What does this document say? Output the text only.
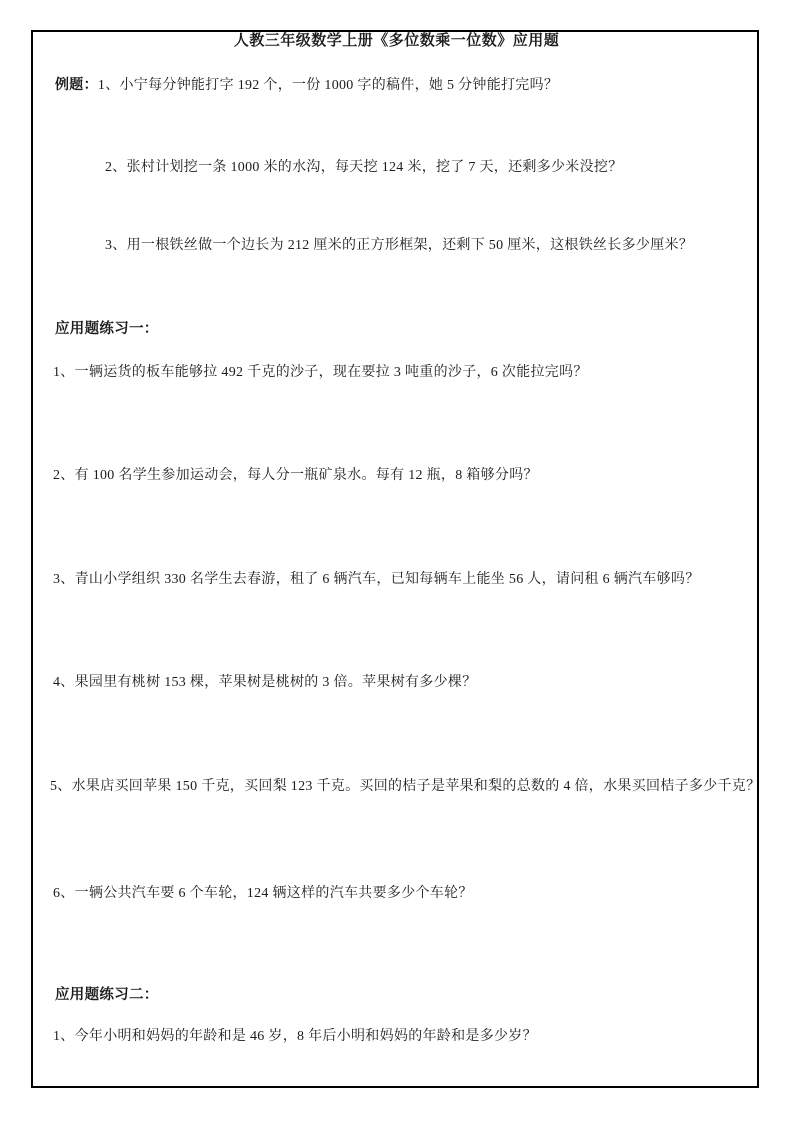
人教三年级数学上册《多位数乘一位数》应用题
例题：1、小宁每分钟能打字 192 个，一份 1000 字的稿件，她 5 分钟能打完吗？
2、张村计划挖一条 1000 米的水沟，每天挖 124 米，挖了 7 天，还剩多少米没挖？
3、用一根铁丝做一个边长为 212 厘米的正方形框架，还剩下 50 厘米，这根铁丝长多少厘米？
应用题练习一：
1、一辆运货的板车能够拉 492 千克的沙子，现在要拉 3 吨重的沙子，6 次能拉完吗？
2、有 100 名学生参加运动会，每人分一瓶矿泉水。每有 12 瓶，8 箱够分吗？
3、青山小学组织 330 名学生去春游，租了 6 辆汽车，已知每辆车上能坐 56 人，请问租 6 辆汽车够吗？
4、果园里有桃树 153 棵，苹果树是桃树的 3 倍。苹果树有多少棵？
5、水果店买回苹果 150 千克，买回梨 123 千克。买回的桔子是苹果和梨的总数的 4 倍，水果买回桔子多少千克？
6、一辆公共汽车要 6 个车轮，124 辆这样的汽车共要多少个车轮？
应用题练习二：
1、今年小明和妈妈的年龄和是 46 岁，8 年后小明和妈妈的年龄和是多少岁？
